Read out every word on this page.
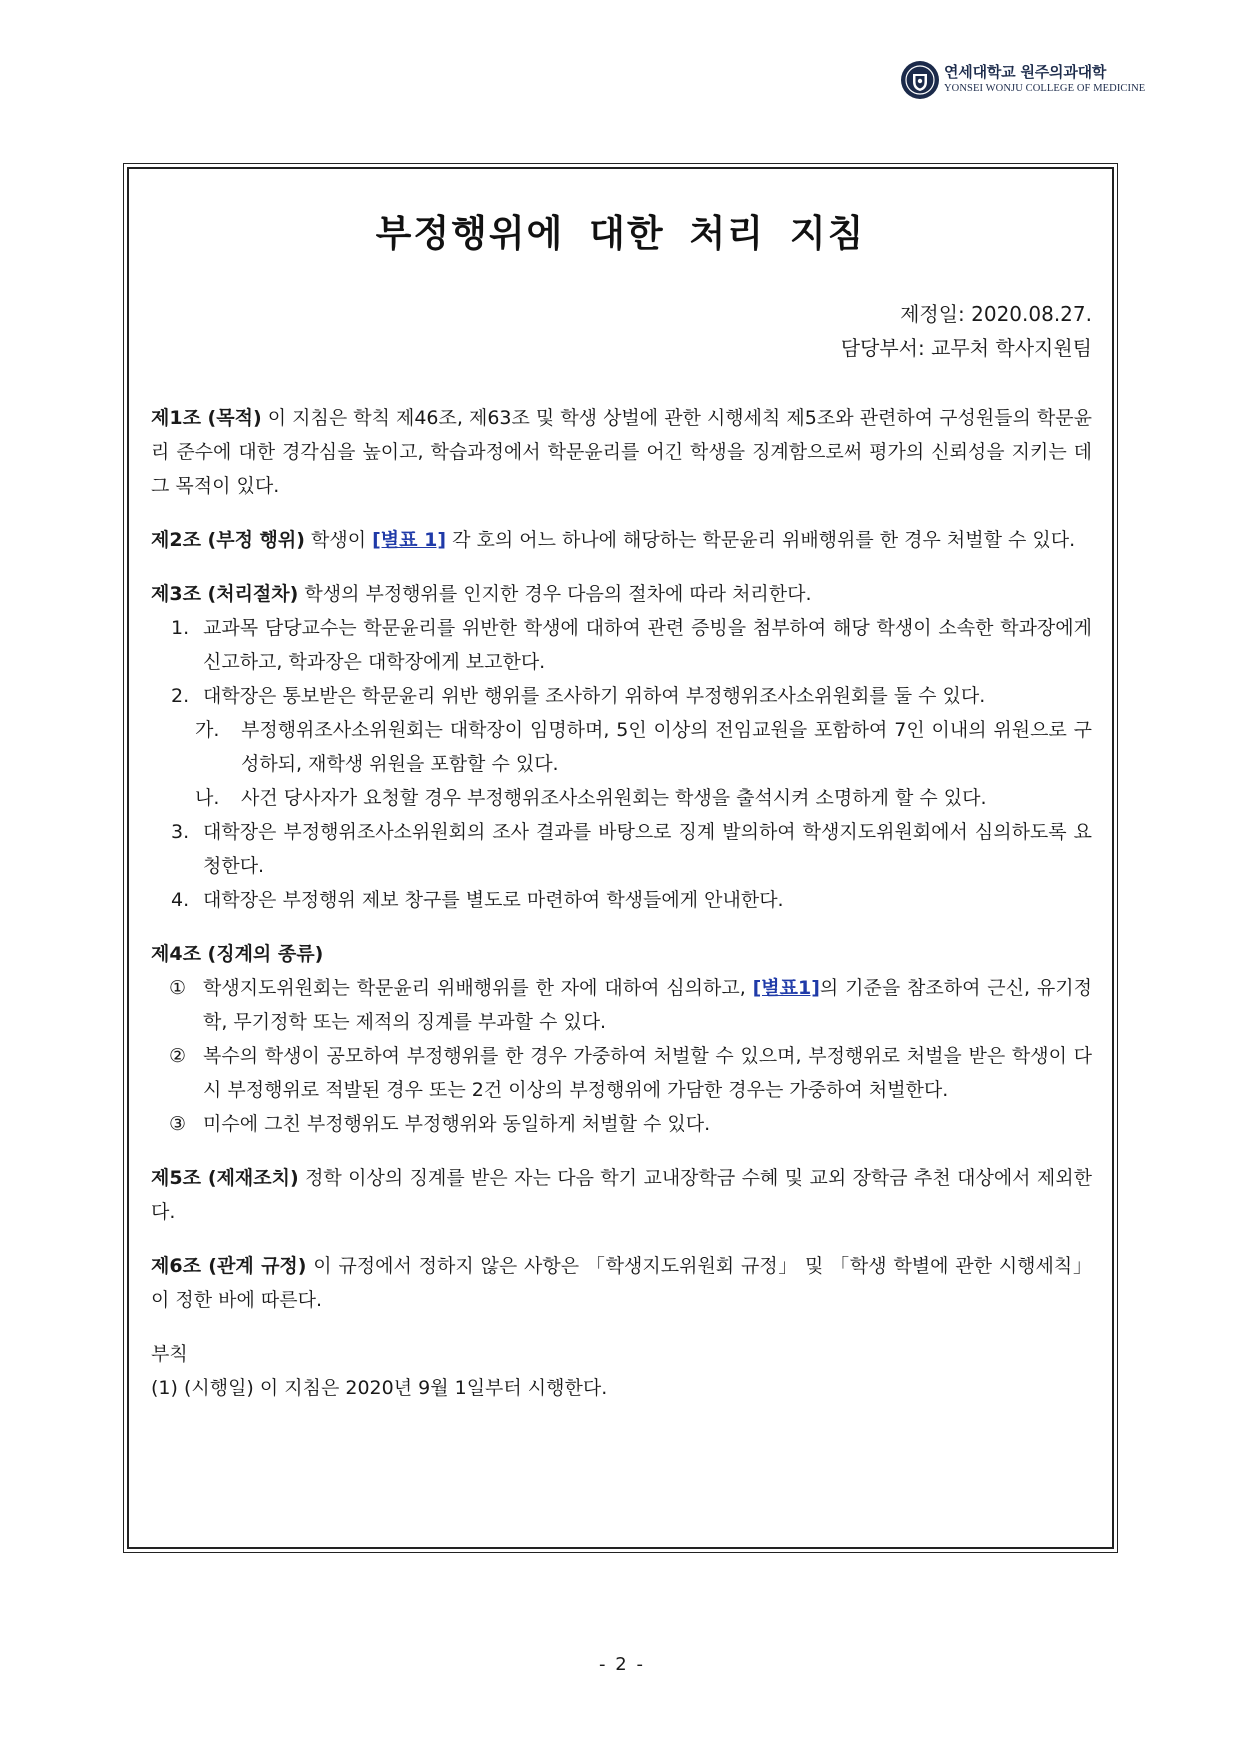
연세대학교 원주의과대학
YONSEI WONJU COLLEGE OF MEDICINE
부정행위에 대한 처리 지침
제정일: 2020.08.27.
담당부서: 교무처 학사지원팀
제1조 (목적) 이 지침은 학칙 제46조, 제63조 및 학생 상벌에 관한 시행세칙 제5조와 관련하여 구성원들의 학문윤리 준수에 대한 경각심을 높이고, 학습과정에서 학문윤리를 어긴 학생을 징계함으로써 평가의 신뢰성을 지키는 데 그 목적이 있다.
제2조 (부정 행위) 학생이 [별표 1] 각 호의 어느 하나에 해당하는 학문윤리 위배행위를 한 경우 처벌할 수 있다.
제3조 (처리절차) 학생의 부정행위를 인지한 경우 다음의 절차에 따라 처리한다.
1. 교과목 담당교수는 학문윤리를 위반한 학생에 대하여 관련 증빙을 첨부하여 해당 학생이 소속한 학과장에게 신고하고, 학과장은 대학장에게 보고한다.
2. 대학장은 통보받은 학문윤리 위반 행위를 조사하기 위하여 부정행위조사소위원회를 둘 수 있다.
가. 부정행위조사소위원회는 대학장이 임명하며, 5인 이상의 전임교원을 포함하여 7인 이내의 위원으로 구성하되, 재학생 위원을 포함할 수 있다.
나. 사건 당사자가 요청할 경우 부정행위조사소위원회는 학생을 출석시켜 소명하게 할 수 있다.
3. 대학장은 부정행위조사소위원회의 조사 결과를 바탕으로 징계 발의하여 학생지도위원회에서 심의하도록 요청한다.
4. 대학장은 부정행위 제보 창구를 별도로 마련하여 학생들에게 안내한다.
제4조 (징계의 종류)
① 학생지도위원회는 학문윤리 위배행위를 한 자에 대하여 심의하고, [별표1]의 기준을 참조하여 근신, 유기정학, 무기정학 또는 제적의 징계를 부과할 수 있다.
② 복수의 학생이 공모하여 부정행위를 한 경우 가중하여 처벌할 수 있으며, 부정행위로 처벌을 받은 학생이 다시 부정행위로 적발된 경우 또는 2건 이상의 부정행위에 가담한 경우는 가중하여 처벌한다.
③ 미수에 그친 부정행위도 부정행위와 동일하게 처벌할 수 있다.
제5조 (제재조치) 정학 이상의 징계를 받은 자는 다음 학기 교내장학금 수혜 및 교외 장학금 추천 대상에서 제외한다.
제6조 (관계 규정) 이 규정에서 정하지 않은 사항은 「학생지도위원회 규정」 및 「학생 학별에 관한 시행세칙」이 정한 바에 따른다.
부칙
(1) (시행일) 이 지침은 2020년 9월 1일부터 시행한다.
- 2 -
